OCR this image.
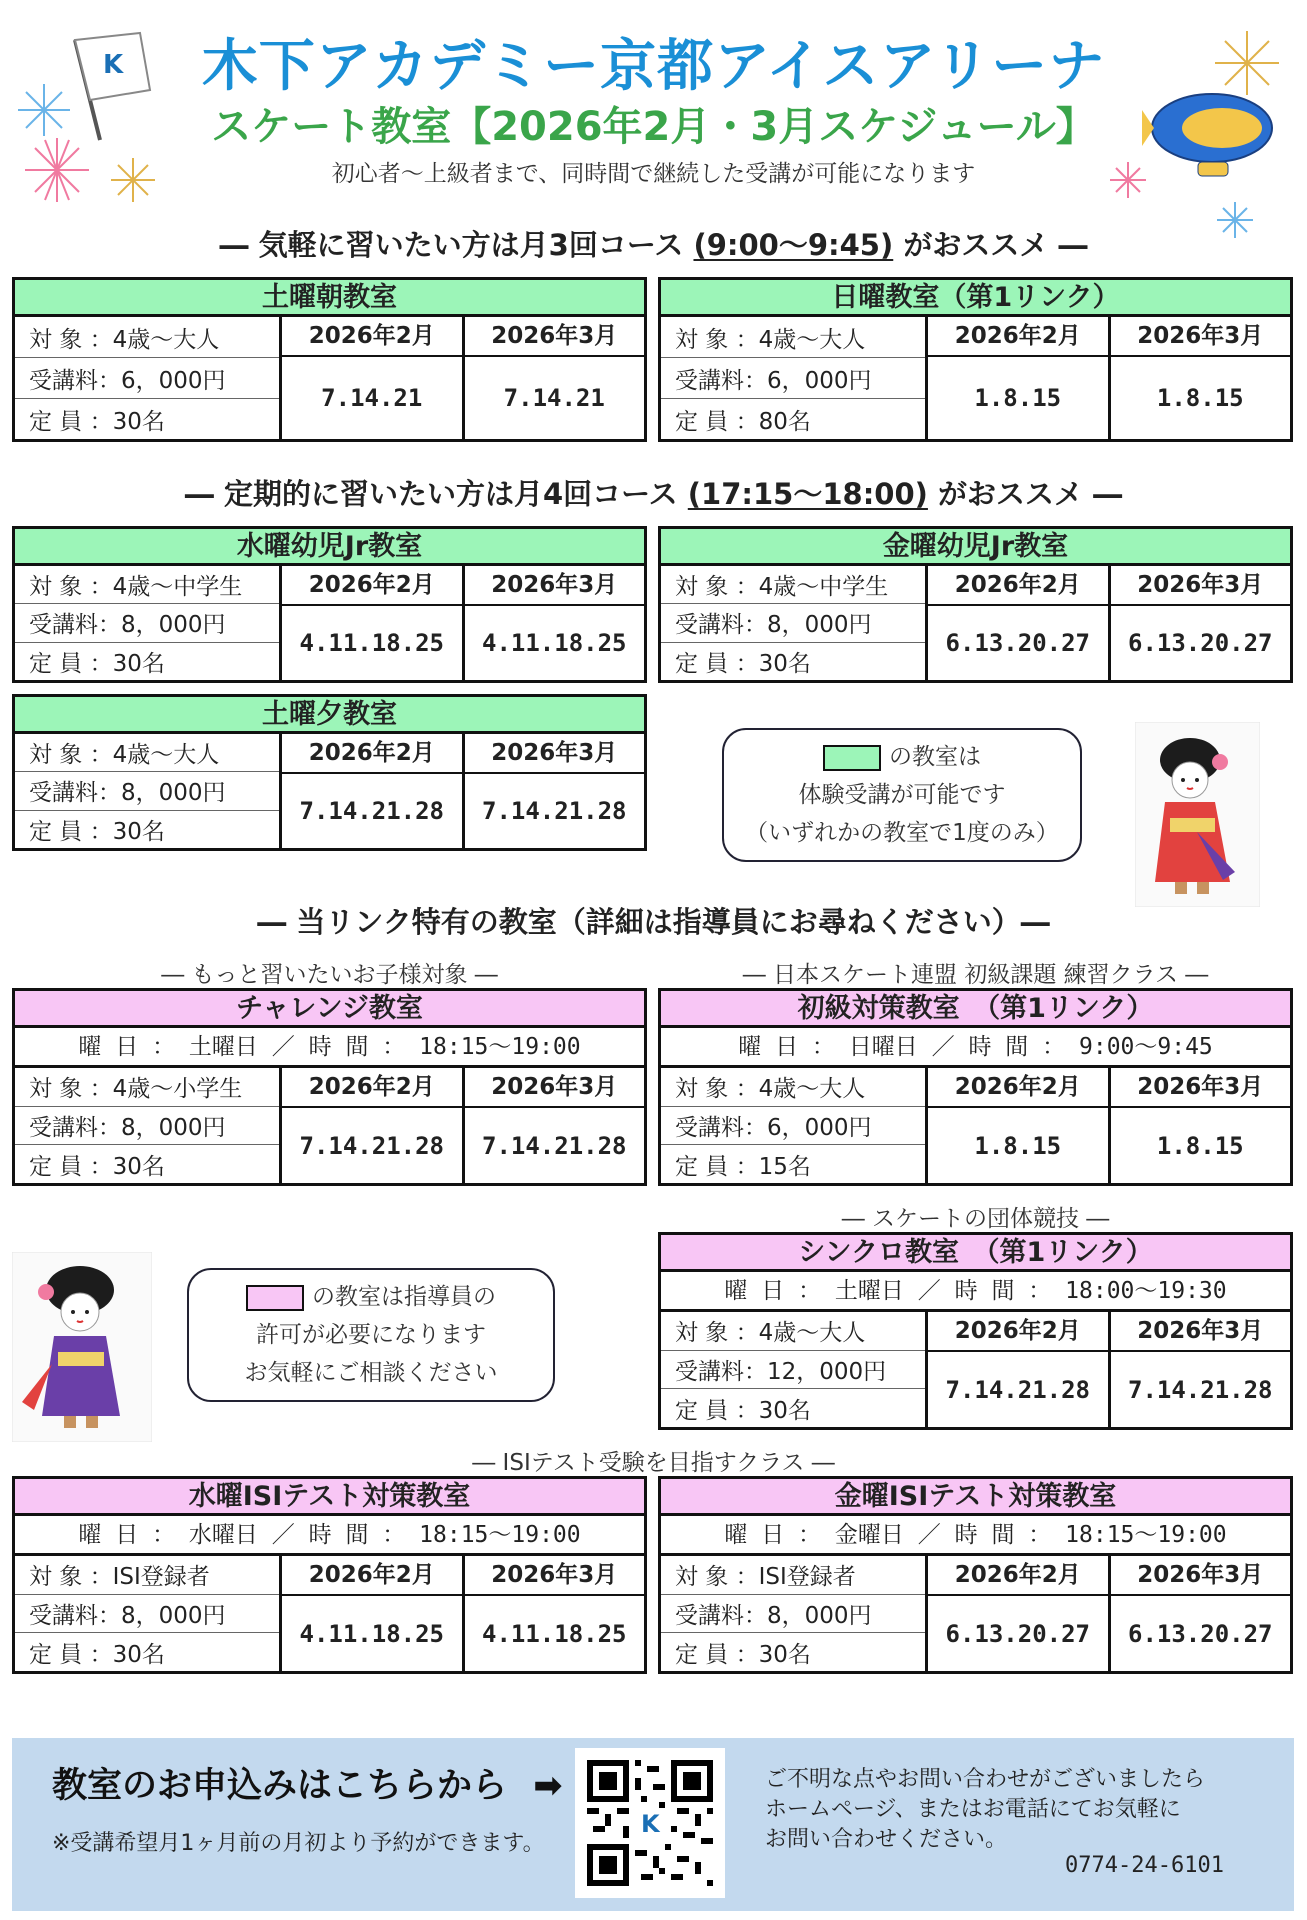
K	木下アカデミー京都アイスアリーナ
スケート教室【2026年2月・3月スケジュール】
初心者～上級者まで、同時間で継続した受講が可能になります
― 気軽に習いたい方は月3回コース (9:00～9:45) がおススメ ―
土曜朝教室
対 象 ：4歳～大人
受講料：6，000円
定 員 ：30名
2026年2月
7.14.21
2026年3月
7.14.21
日曜教室（第1リンク）
対 象 ：4歳～大人
受講料：6，000円
定 員 ：80名
2026年2月
1.8.15
2026年3月
1.8.15
― 定期的に習いたい方は月4回コース (17:15～18:00) がおススメ ―
水曜幼児Jr教室
対 象 ：4歳～中学生
受講料：8，000円
定 員 ：30名
2026年2月
4.11.18.25
2026年3月
4.11.18.25
金曜幼児Jr教室
対 象 ：4歳～中学生
受講料：8，000円
定 員 ：30名
2026年2月
6.13.20.27
2026年3月
6.13.20.27
土曜夕教室
対 象 ：4歳～大人
受講料：8，000円
定 員 ：30名
2026年2月
7.14.21.28
2026年3月
7.14.21.28
の教室は
体験受講が可能です
（いずれかの教室で1度のみ）
― 当リンク特有の教室（詳細は指導員にお尋ねください）―
― もっと習いたいお子様対象 ―	― 日本スケート連盟 初級課題 練習クラス ―
チャレンジ教室
曜 日 ： 土曜日 ／ 時 間 ： 18:15～19:00
対 象 ：4歳～小学生
受講料：8，000円
定 員 ：30名
2026年2月
7.14.21.28
2026年3月
7.14.21.28
初級対策教室　（第1リンク）
曜 日 ： 日曜日 ／ 時 間 ： 9:00～9:45
対 象 ：4歳～大人
受講料：6，000円
定 員 ：15名
2026年2月
1.8.15
2026年3月
1.8.15
― スケートの団体競技 ―
の教室は指導員の
許可が必要になります
お気軽にご相談ください
シンクロ教室　（第1リンク）
曜 日 ： 土曜日 ／ 時 間 ： 18:00～19:30
対 象 ：4歳～大人
受講料：12，000円
定 員 ：30名
2026年2月
7.14.21.28
2026年3月
7.14.21.28
― ISIテスト受験を目指すクラス ―
水曜ISIテスト対策教室
曜 日 ： 水曜日 ／ 時 間 ： 18:15～19:00
対 象 ：ISI登録者
受講料：8，000円
定 員 ：30名
2026年2月
4.11.18.25
2026年3月
4.11.18.25
金曜ISIテスト対策教室
曜 日 ： 金曜日 ／ 時 間 ： 18:15～19:00
対 象 ：ISI登録者
受講料：8，000円
定 員 ：30名
2026年2月
6.13.20.27
2026年3月
6.13.20.27
教室のお申込みはこちらから ➡
※受講希望月1ヶ月前の月初より予約ができます。
K
ご不明な点やお問い合わせがございましたら
ホームページ、またはお電話にてお気軽に
お問い合わせください。
0774-24-6101
